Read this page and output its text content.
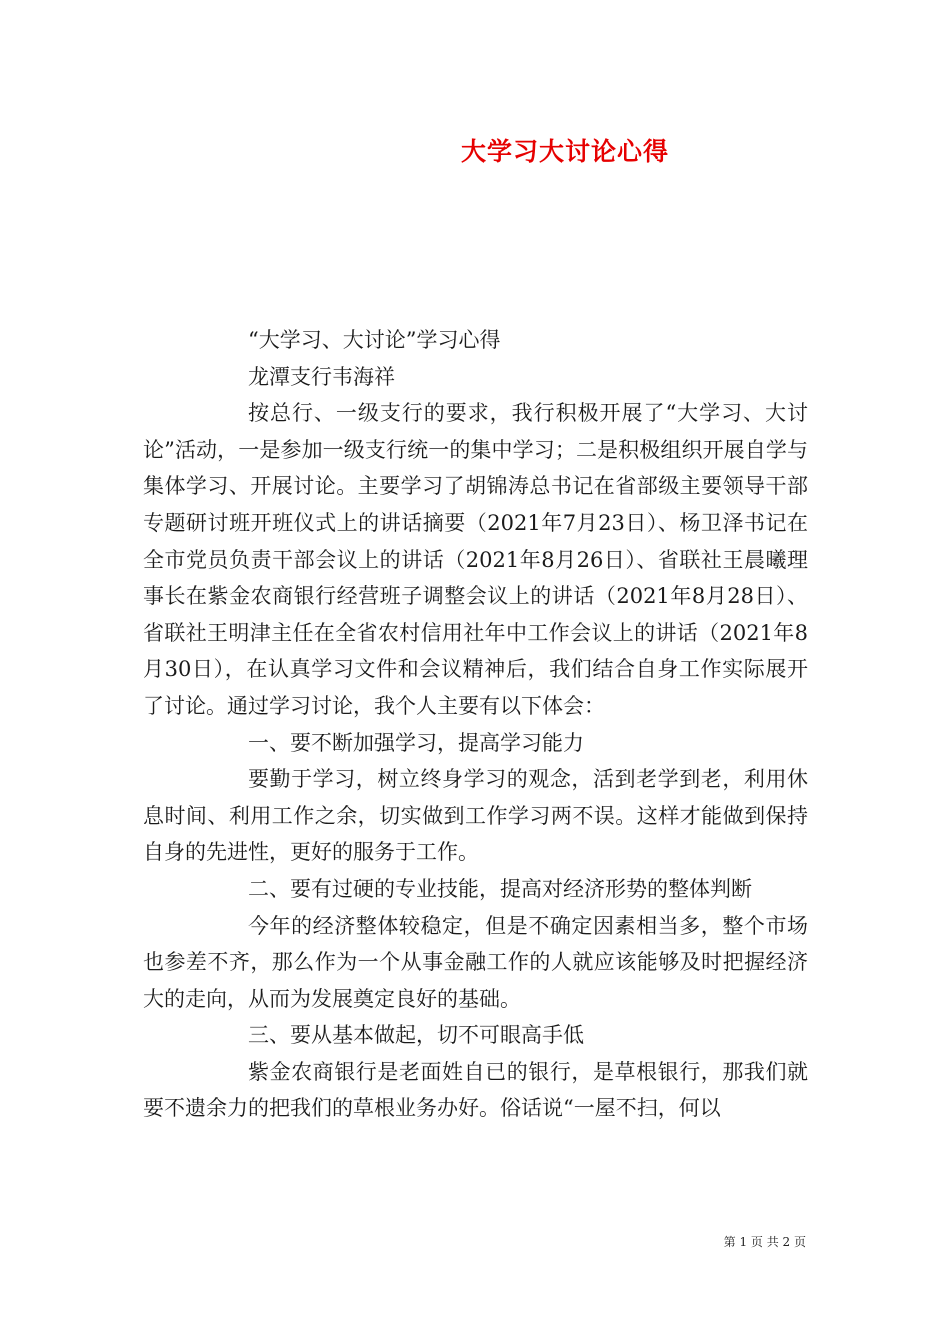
大学习大讨论心得

“大学习、大讨论”学习心得

龙潭支行韦海祥

按总行、一级支行的要求，我行积极开展了“大学习、大讨论”活动，一是参加一级支行统一的集中学习；二是积极组织开展自学与集体学习、开展讨论。主要学习了胡锦涛总书记在省部级主要领导干部专题研讨班开班仪式上的讲话摘要（2021年7月23日）、杨卫泽书记在全市党员负责干部会议上的讲话（2021年8月26日）、省联社王晨曦理事长在紫金农商银行经营班子调整会议上的讲话（2021年8月28日）、省联社王明津主任在全省农村信用社年中工作会议上的讲话（2021年8月30日），在认真学习文件和会议精神后，我们结合自身工作实际展开了讨论。通过学习讨论，我个人主要有以下体会：

一、要不断加强学习，提高学习能力

要勤于学习，树立终身学习的观念，活到老学到老，利用休息时间、利用工作之余，切实做到工作学习两不误。这样才能做到保持自身的先进性，更好的服务于工作。

二、要有过硬的专业技能，提高对经济形势的整体判断

今年的经济整体较稳定，但是不确定因素相当多，整个市场也参差不齐，那么作为一个从事金融工作的人就应该能够及时把握经济大的走向，从而为发展奠定良好的基础。

三、要从基本做起，切不可眼高手低

紫金农商银行是老面姓自已的银行，是草根银行，那我们就要不遗余力的把我们的草根业务办好。俗话说“一屋不扫，何以

第 1 页 共 2 页
